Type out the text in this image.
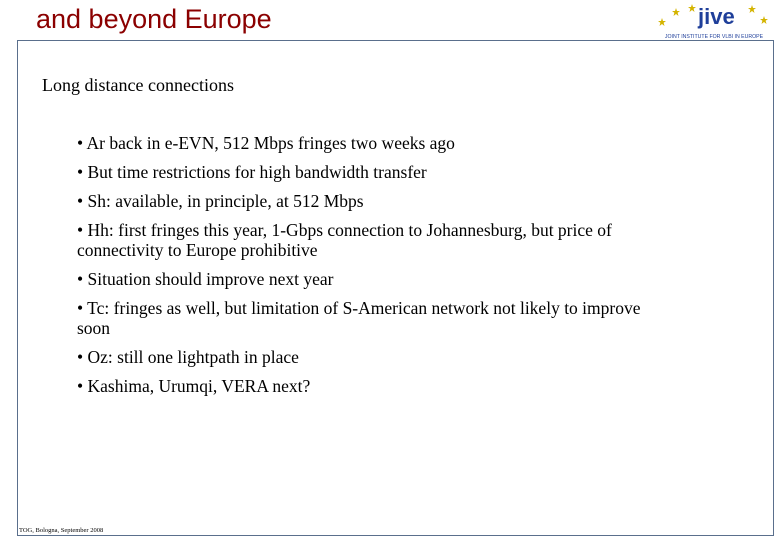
and beyond Europe	jive
JOINT INSTITUTE FOR VLBI IN EUROPE
Long distance connections
• Ar back in e-EVN, 512 Mbps fringes two weeks ago
• But time restrictions for high bandwidth transfer
• Sh: available, in principle, at 512 Mbps
• Hh: first fringes this year, 1-Gbps connection to Johannesburg, but price of connectivity to Europe prohibitive
• Situation should improve next year
• Tc: fringes as well, but limitation of S-American network not likely to improve soon
• Oz: still one lightpath in place
• Kashima, Urumqi, VERA next?
TOG, Bologna, September 2008
